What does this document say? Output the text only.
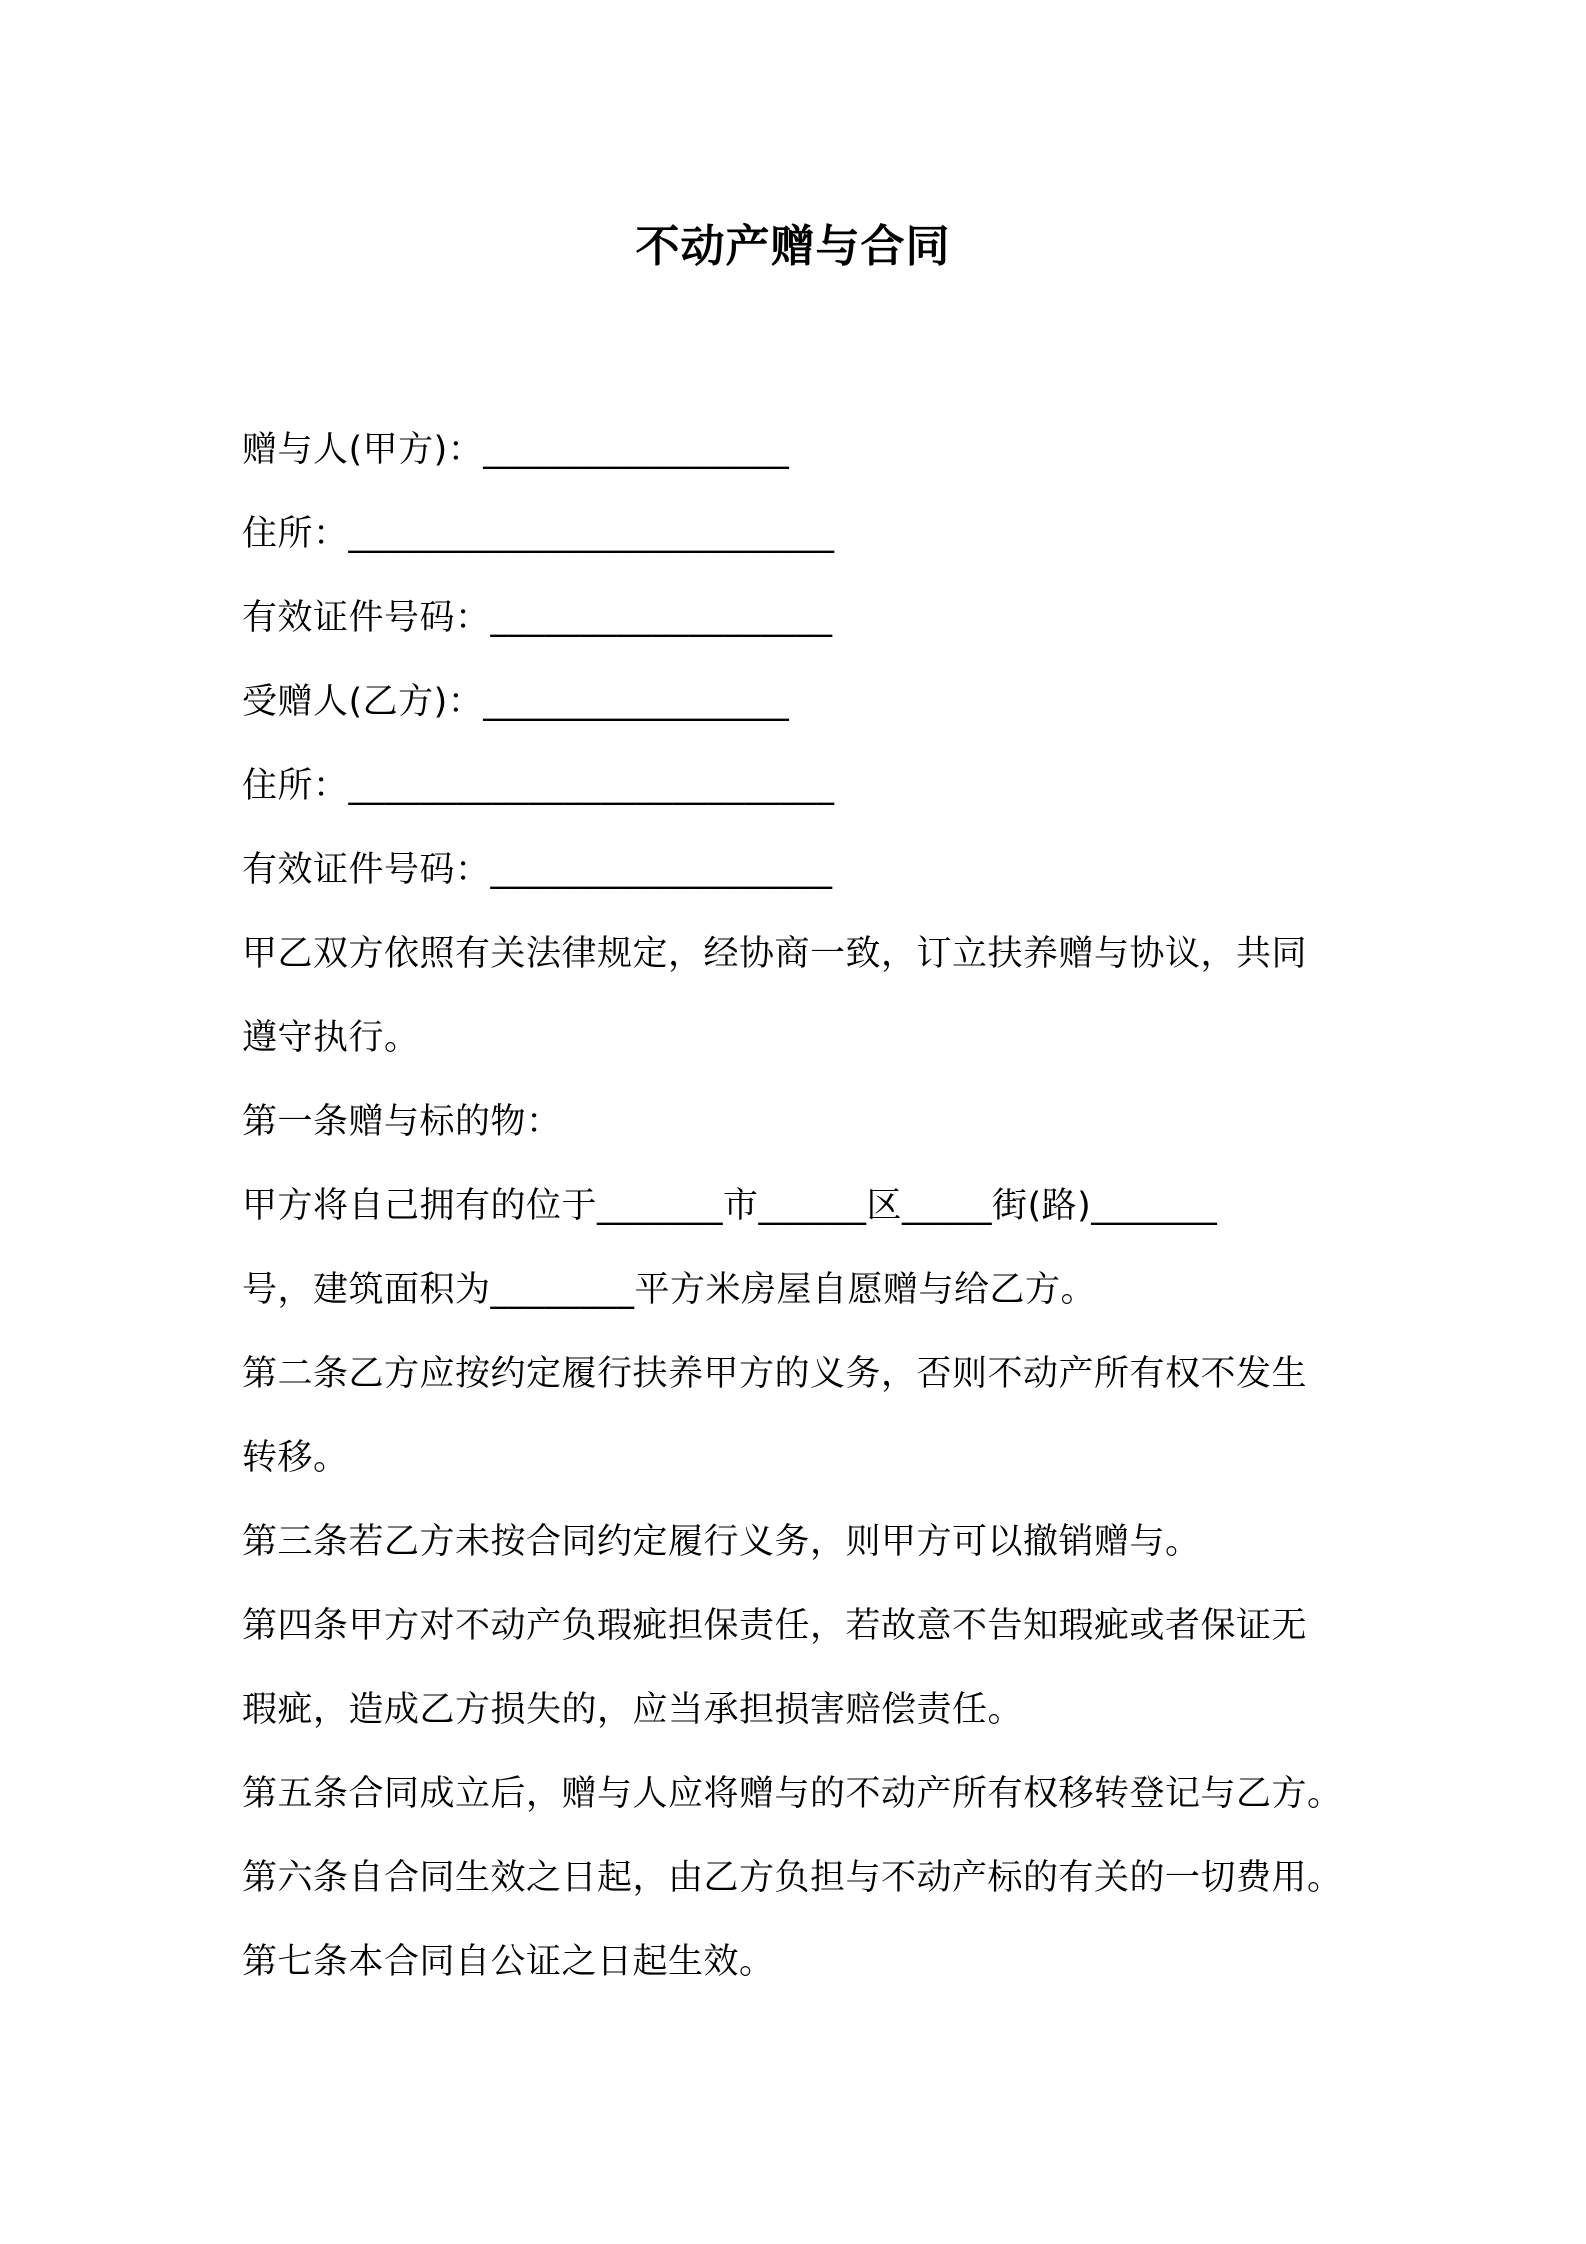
不动产赠与合同
赠与人(甲方)：_________________
住所：___________________________
有效证件号码：___________________
受赠人(乙方)：_________________
住所：___________________________
有效证件号码：___________________
甲乙双方依照有关法律规定，经协商一致，订立扶养赠与协议，共同
遵守执行。
第一条赠与标的物：
甲方将自己拥有的位于_______市______区_____街(路)_______
号，建筑面积为________平方米房屋自愿赠与给乙方。
第二条乙方应按约定履行扶养甲方的义务，否则不动产所有权不发生
转移。
第三条若乙方未按合同约定履行义务，则甲方可以撤销赠与。
第四条甲方对不动产负瑕疵担保责任，若故意不告知瑕疵或者保证无
瑕疵，造成乙方损失的，应当承担损害赔偿责任。
第五条合同成立后，赠与人应将赠与的不动产所有权移转登记与乙方。
第六条自合同生效之日起，由乙方负担与不动产标的有关的一切费用。
第七条本合同自公证之日起生效。
